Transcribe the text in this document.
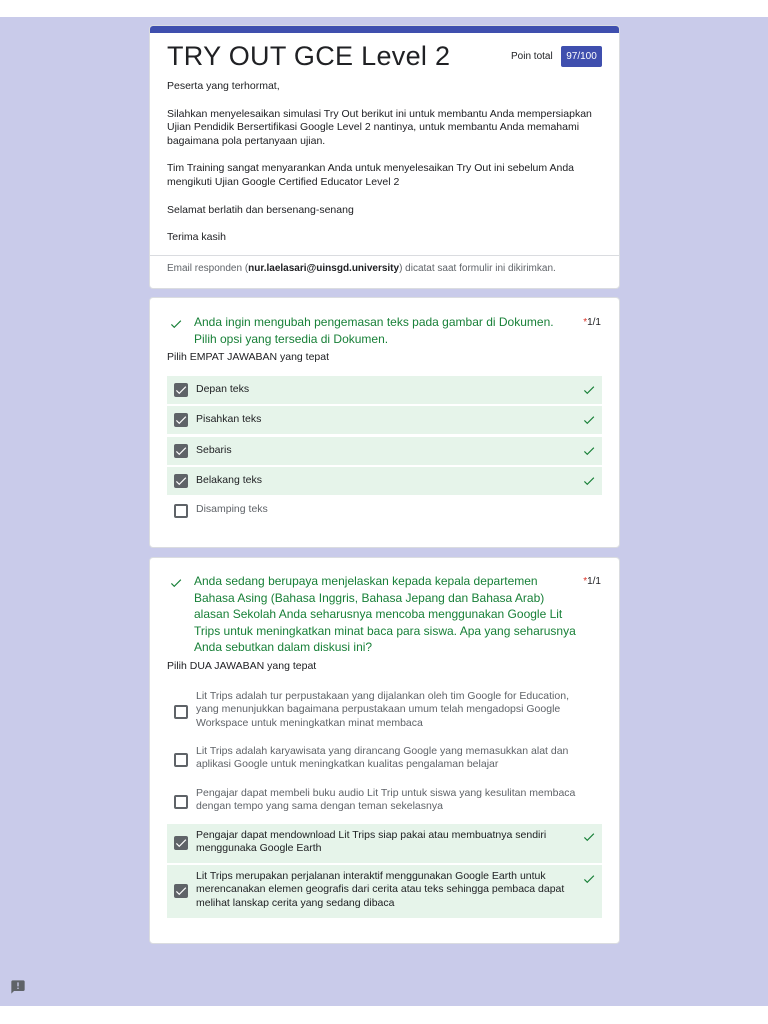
TRY OUT GCE Level 2	Poin total	97/100

Peserta yang terhormat,

Silahkan menyelesaikan simulasi Try Out berikut ini untuk membantu Anda mempersiapkan Ujian Pendidik Bersertifikasi Google Level 2 nantinya, untuk membantu Anda memahami bagaimana pola pertanyaan ujian.

Tim Training sangat menyarankan Anda untuk menyelesaikan Try Out ini sebelum Anda mengikuti Ujian Google Certified Educator Level 2

Selamat berlatih dan bersenang-senang

Terima kasih

Email responden (nur.laelasari@uinsgd.university) dicatat saat formulir ini dikirimkan.
Anda ingin mengubah pengemasan teks pada gambar di Dokumen. Pilih opsi yang tersedia di Dokumen.
*1/1
Pilih EMPAT JAWABAN yang tepat
Depan teks
Pisahkan teks
Sebaris
Belakang teks
Disamping teks
Anda sedang berupaya menjelaskan kepada kepala departemen Bahasa Asing (Bahasa Inggris, Bahasa Jepang dan Bahasa Arab) alasan Sekolah Anda seharusnya mencoba menggunakan Google Lit Trips untuk meningkatkan minat baca para siswa. Apa yang seharusnya Anda sebutkan dalam diskusi ini?
*1/1
Pilih DUA JAWABAN yang tepat
Lit Trips adalah tur perpustakaan yang dijalankan oleh tim Google for Education, yang menunjukkan bagaimana perpustakaan umum telah mengadopsi Google Workspace untuk meningkatkan minat membaca
Lit Trips adalah karyawisata yang dirancang Google yang memasukkan alat dan aplikasi Google untuk meningkatkan kualitas pengalaman belajar
Pengajar dapat membeli buku audio Lit Trip untuk siswa yang kesulitan membaca dengan tempo yang sama dengan teman sekelasnya
Pengajar dapat mendownload Lit Trips siap pakai atau membuatnya sendiri menggunaka Google Earth
Lit Trips merupakan perjalanan interaktif menggunakan Google Earth untuk merencanakan elemen geografis dari cerita atau teks sehingga pembaca dapat melihat lanskap cerita yang sedang dibaca
